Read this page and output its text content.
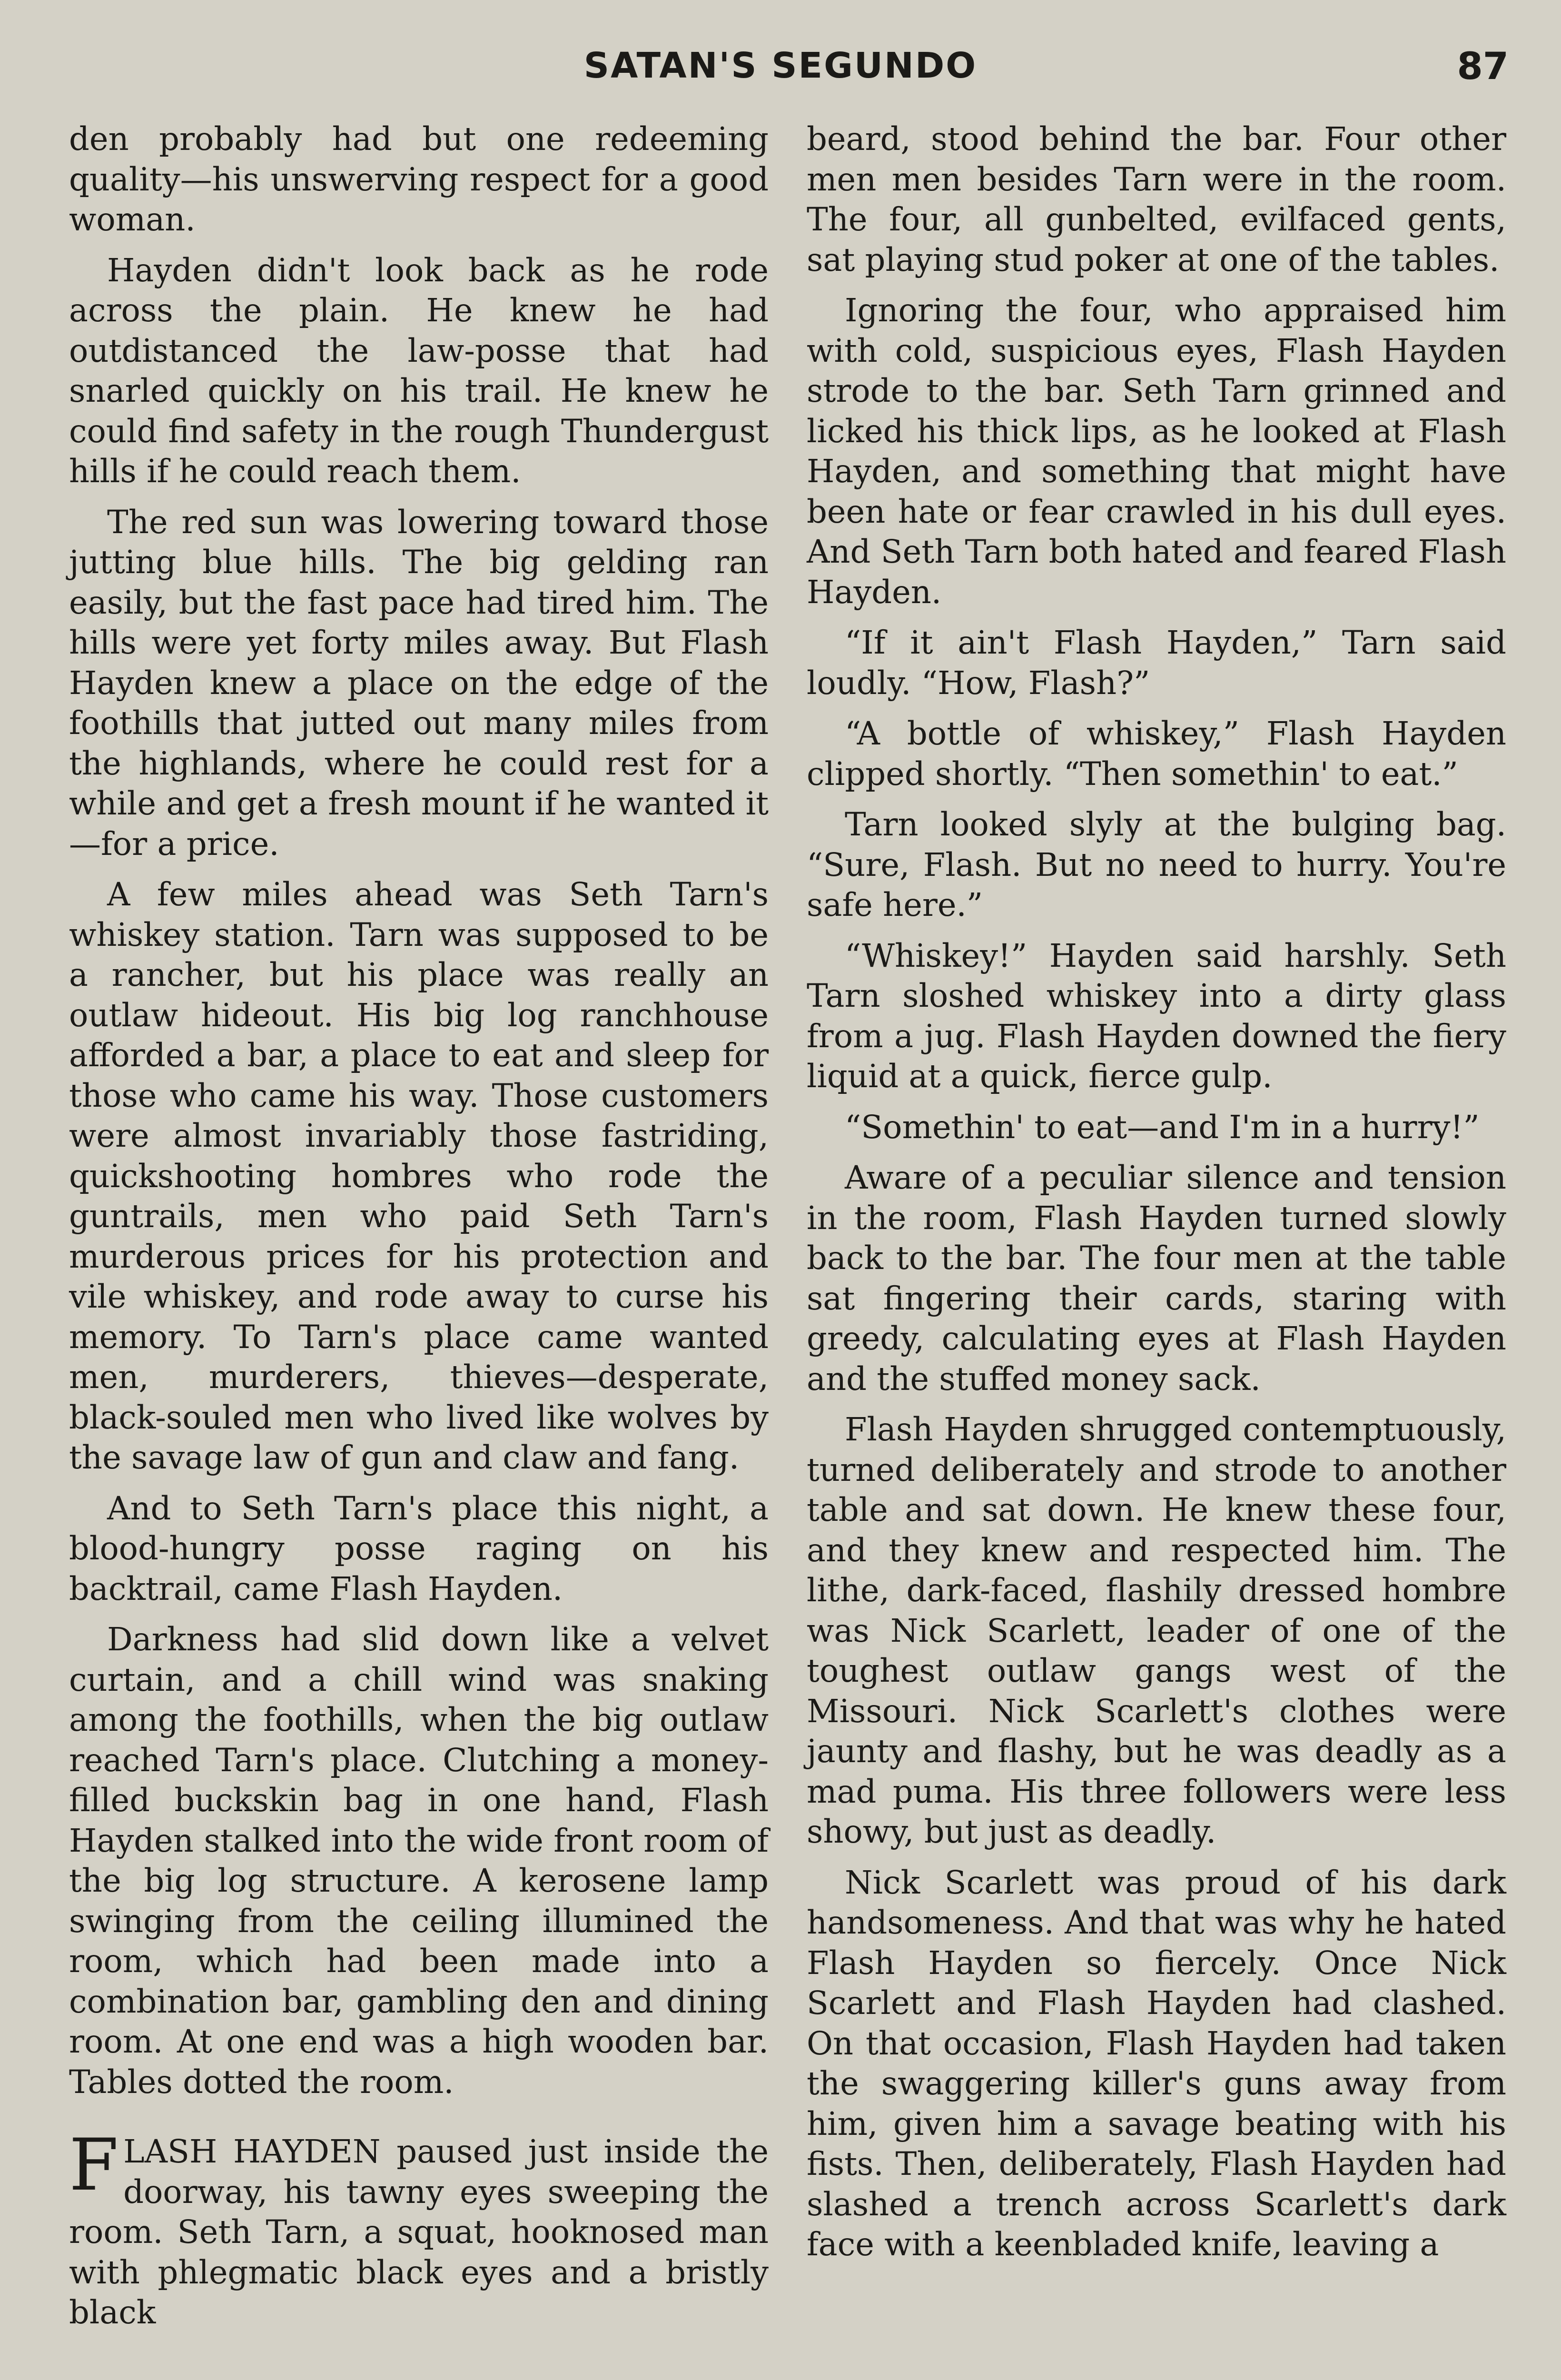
SATAN'S SEGUNDO	87

den probably had but one redeeming quality—his unswerving respect for a good woman.

Hayden didn't look back as he rode across the plain. He knew he had outdistanced the law-posse that had snarled quickly on his trail. He knew he could find safety in the rough Thundergust hills if he could reach them.

The red sun was lowering toward those jutting blue hills. The big gelding ran easily, but the fast pace had tired him. The hills were yet forty miles away. But Flash Hayden knew a place on the edge of the foothills that jutted out many miles from the highlands, where he could rest for a while and get a fresh mount if he wanted it—for a price.

A few miles ahead was Seth Tarn's whiskey station. Tarn was supposed to be a rancher, but his place was really an outlaw hideout. His big log ranchhouse afforded a bar, a place to eat and sleep for those who came his way. Those customers were almost invariably those fastriding, quickshooting hombres who rode the guntrails, men who paid Seth Tarn's murderous prices for his protection and vile whiskey, and rode away to curse his memory. To Tarn's place came wanted men, murderers, thieves—desperate, black-souled men who lived like wolves by the savage law of gun and claw and fang.

And to Seth Tarn's place this night, a blood-hungry posse raging on his backtrail, came Flash Hayden.

Darkness had slid down like a velvet curtain, and a chill wind was snaking among the foothills, when the big outlaw reached Tarn's place. Clutching a money-filled buckskin bag in one hand, Flash Hayden stalked into the wide front room of the big log structure. A kerosene lamp swinging from the ceiling illumined the room, which had been made into a combination bar, gambling den and dining room. At one end was a high wooden bar. Tables dotted the room.

FLASH HAYDEN paused just inside the doorway, his tawny eyes sweeping the room. Seth Tarn, a squat, hooknosed man with phlegmatic black eyes and a bristly black

beard, stood behind the bar. Four other men men besides Tarn were in the room. The four, all gunbelted, evilfaced gents, sat playing stud poker at one of the tables.

Ignoring the four, who appraised him with cold, suspicious eyes, Flash Hayden strode to the bar. Seth Tarn grinned and licked his thick lips, as he looked at Flash Hayden, and something that might have been hate or fear crawled in his dull eyes. And Seth Tarn both hated and feared Flash Hayden.

“If it ain't Flash Hayden,” Tarn said loudly. “How, Flash?”

“A bottle of whiskey,” Flash Hayden clipped shortly. “Then somethin' to eat.”

Tarn looked slyly at the bulging bag. “Sure, Flash. But no need to hurry. You're safe here.”

“Whiskey!” Hayden said harshly. Seth Tarn sloshed whiskey into a dirty glass from a jug. Flash Hayden downed the fiery liquid at a quick, fierce gulp.

“Somethin' to eat—and I'm in a hurry!”

Aware of a peculiar silence and tension in the room, Flash Hayden turned slowly back to the bar. The four men at the table sat fingering their cards, staring with greedy, calculating eyes at Flash Hayden and the stuffed money sack.

Flash Hayden shrugged contemptuously, turned deliberately and strode to another table and sat down. He knew these four, and they knew and respected him. The lithe, dark-faced, flashily dressed hombre was Nick Scarlett, leader of one of the toughest outlaw gangs west of the Missouri. Nick Scarlett's clothes were jaunty and flashy, but he was deadly as a mad puma. His three followers were less showy, but just as deadly.

Nick Scarlett was proud of his dark handsomeness. And that was why he hated Flash Hayden so fiercely. Once Nick Scarlett and Flash Hayden had clashed. On that occasion, Flash Hayden had taken the swaggering killer's guns away from him, given him a savage beating with his fists. Then, deliberately, Flash Hayden had slashed a trench across Scarlett's dark face with a keenbladed knife, leaving a
